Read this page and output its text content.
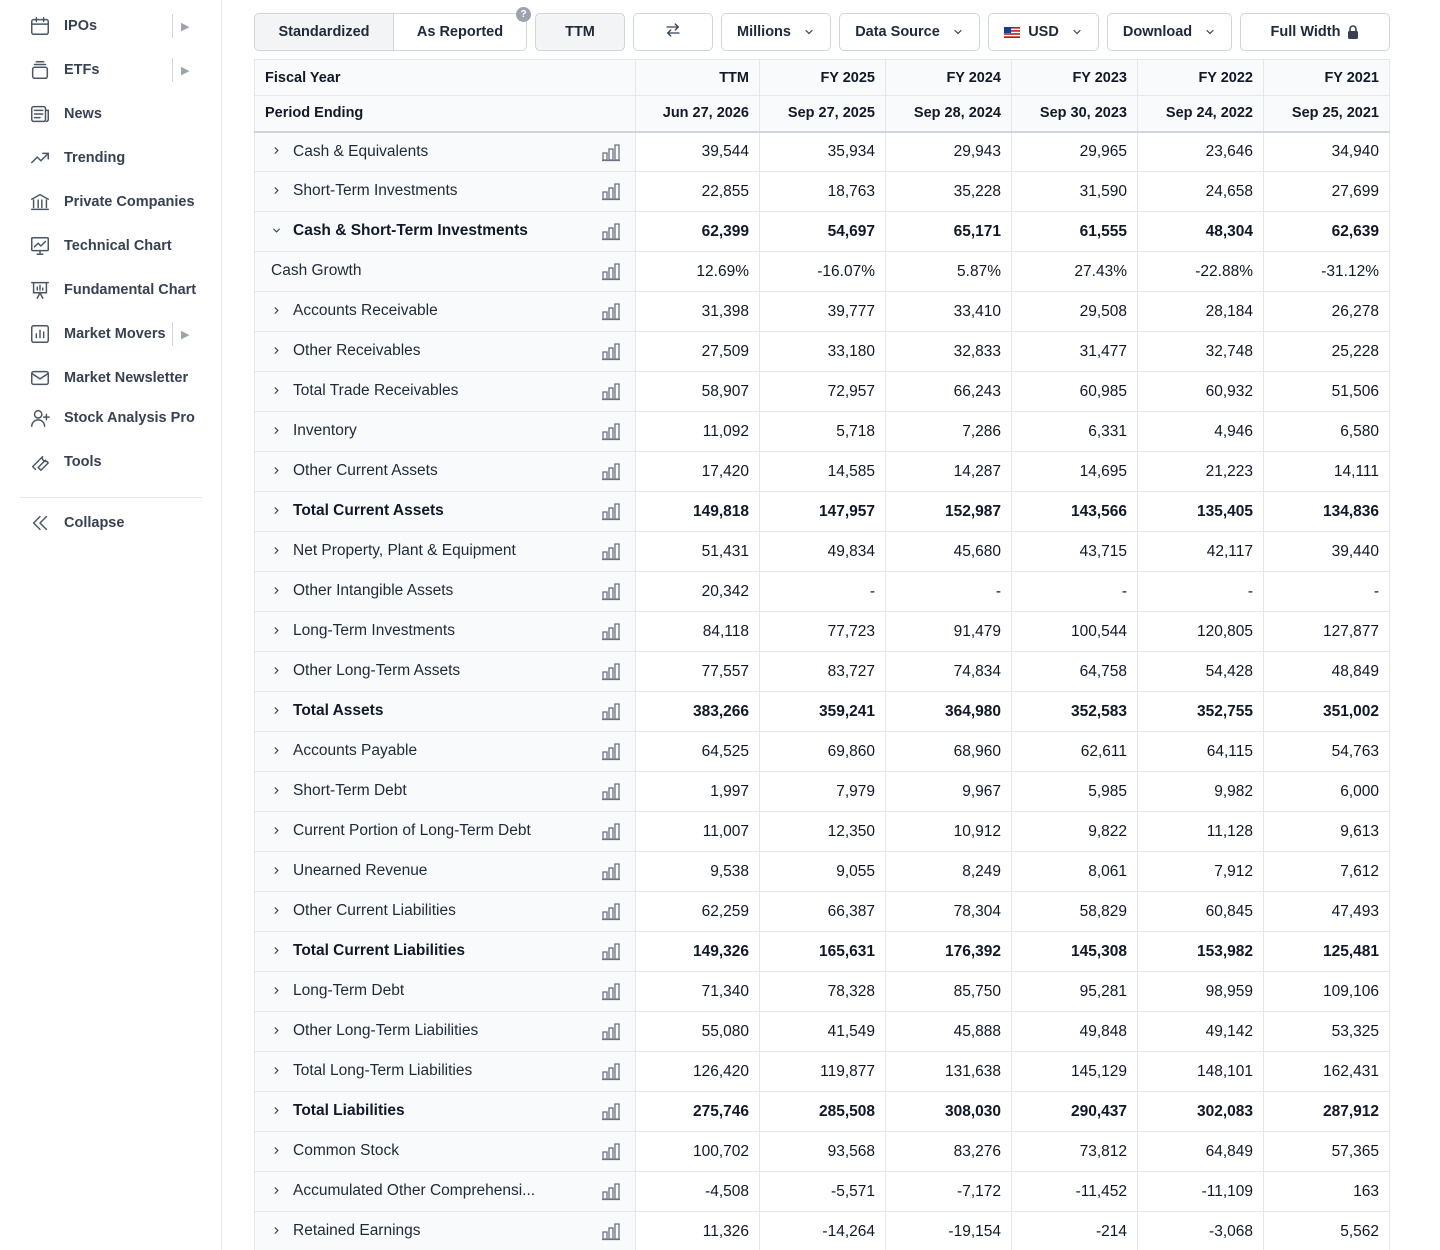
IPOs	▶
ETFs	▶
News
Trending
Private Companies
Technical Chart
Fundamental Chart
Market Movers	▶
Market Newsletter
Stock Analysis Pro
Tools
Collapse
Standardized	As Reported
?
TTM	Millions	Data Source	USD	Download	Full Width
Fiscal Year	TTM	FY 2025	FY 2024	FY 2023	FY 2022	FY 2021
Period Ending	Jun 27, 2026	Sep 27, 2025	Sep 28, 2024	Sep 30, 2023	Sep 24, 2022	Sep 25, 2021
Cash & Equivalents	39,544	35,934	29,943	29,965	23,646	34,940
Short-Term Investments	22,855	18,763	35,228	31,590	24,658	27,699
Cash & Short-Term Investments	62,399	54,697	65,171	61,555	48,304	62,639
Cash Growth	12.69%	-16.07%	5.87%	27.43%	-22.88%	-31.12%
Accounts Receivable	31,398	39,777	33,410	29,508	28,184	26,278
Other Receivables	27,509	33,180	32,833	31,477	32,748	25,228
Total Trade Receivables	58,907	72,957	66,243	60,985	60,932	51,506
Inventory	11,092	5,718	7,286	6,331	4,946	6,580
Other Current Assets	17,420	14,585	14,287	14,695	21,223	14,111
Total Current Assets	149,818	147,957	152,987	143,566	135,405	134,836
Net Property, Plant & Equipment	51,431	49,834	45,680	43,715	42,117	39,440
Other Intangible Assets	20,342	-	-	-	-	-
Long-Term Investments	84,118	77,723	91,479	100,544	120,805	127,877
Other Long-Term Assets	77,557	83,727	74,834	64,758	54,428	48,849
Total Assets	383,266	359,241	364,980	352,583	352,755	351,002
Accounts Payable	64,525	69,860	68,960	62,611	64,115	54,763
Short-Term Debt	1,997	7,979	9,967	5,985	9,982	6,000
Current Portion of Long-Term Debt	11,007	12,350	10,912	9,822	11,128	9,613
Unearned Revenue	9,538	9,055	8,249	8,061	7,912	7,612
Other Current Liabilities	62,259	66,387	78,304	58,829	60,845	47,493
Total Current Liabilities	149,326	165,631	176,392	145,308	153,982	125,481
Long-Term Debt	71,340	78,328	85,750	95,281	98,959	109,106
Other Long-Term Liabilities	55,080	41,549	45,888	49,848	49,142	53,325
Total Long-Term Liabilities	126,420	119,877	131,638	145,129	148,101	162,431
Total Liabilities	275,746	285,508	308,030	290,437	302,083	287,912
Common Stock	100,702	93,568	83,276	73,812	64,849	57,365
Accumulated Other Comprehensi...	-4,508	-5,571	-7,172	-11,452	-11,109	163
Retained Earnings	11,326	-14,264	-19,154	-214	-3,068	5,562
